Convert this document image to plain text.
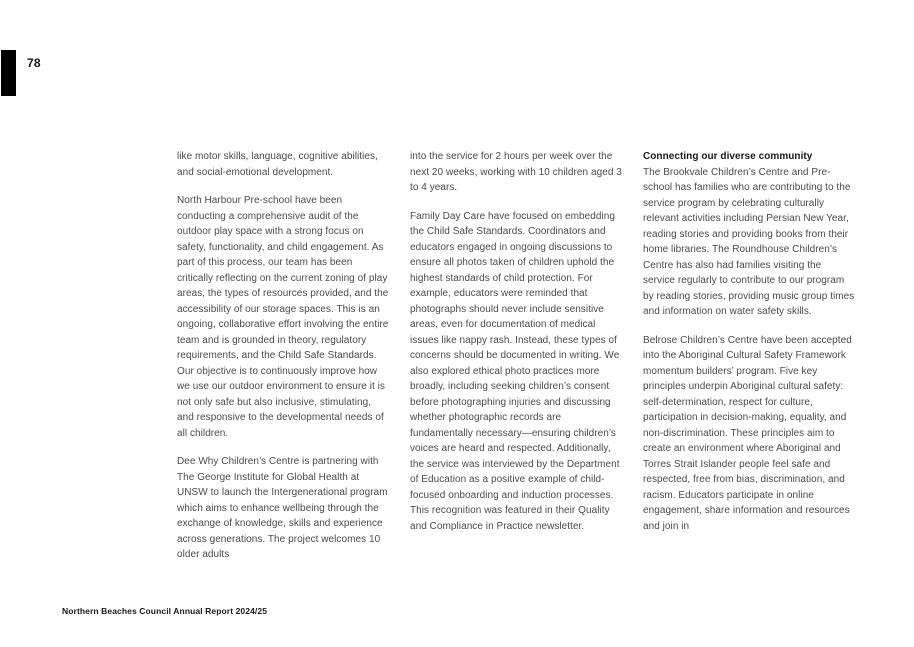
78

like motor skills, language, cognitive abilities, and social-emotional development.

North Harbour Pre-school have been conducting a comprehensive audit of the outdoor play space with a strong focus on safety, functionality, and child engagement. As part of this process, our team has been critically reflecting on the current zoning of play areas, the types of resources provided, and the accessibility of our storage spaces. This is an ongoing, collaborative effort involving the entire team and is grounded in theory, regulatory requirements, and the Child Safe Standards. Our objective is to continuously improve how we use our outdoor environment to ensure it is not only safe but also inclusive, stimulating, and responsive to the developmental needs of all children.

Dee Why Children’s Centre is partnering with The George Institute for Global Health at UNSW to launch the Intergenerational program which aims to enhance wellbeing through the exchange of knowledge, skills and experience across generations. The project welcomes 10 older adults

into the service for 2 hours per week over the next 20 weeks, working with 10 children aged 3 to 4 years.

Family Day Care have focused on embedding the Child Safe Standards. Coordinators and educators engaged in ongoing discussions to ensure all photos taken of children uphold the highest standards of child protection. For example, educators were reminded that photographs should never include sensitive areas, even for documentation of medical issues like nappy rash. Instead, these types of concerns should be documented in writing. We also explored ethical photo practices more broadly, including seeking children’s consent before photographing injuries and discussing whether photographic records are fundamentally necessary—ensuring children’s voices are heard and respected. Additionally, the service was interviewed by the Department of Education as a positive example of child-focused onboarding and induction processes. This recognition was featured in their Quality and Compliance in Practice newsletter.

Connecting our diverse community

The Brookvale Children’s Centre and Pre-school has families who are contributing to the service program by celebrating culturally relevant activities including Persian New Year, reading stories and providing books from their home libraries. The Roundhouse Children’s Centre has also had families visiting the service regularly to contribute to our program by reading stories, providing music group times and information on water safety skills.

Belrose Children’s Centre have been accepted into the Aboriginal Cultural Safety Framework momentum builders’ program. Five key principles underpin Aboriginal cultural safety: self-determination, respect for culture, participation in decision-making, equality, and non-discrimination. These principles aim to create an environment where Aboriginal and Torres Strait Islander people feel safe and respected, free from bias, discrimination, and racism. Educators participate in online engagement, share information and resources and join in

Northern Beaches Council Annual Report 2024/25
